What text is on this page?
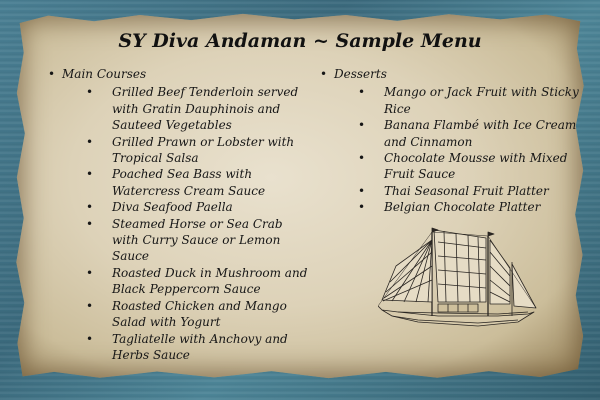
SY Diva Andaman ~ Sample Menu
• Main Courses
• Grilled Beef Tenderloin served with Gratin Dauphinois and Sauteed Vegetables
• Grilled Prawn or Lobster with Tropical Salsa
• Poached Sea Bass with Watercress Cream Sauce
• Diva Seafood Paella
• Steamed Horse or Sea Crab with Curry Sauce or Lemon Sauce
• Roasted Duck in Mushroom and Black Peppercorn Sauce
• Roasted Chicken and Mango Salad with Yogurt
• Tagliatelle with Anchovy and Herbs Sauce
• Desserts
• Mango or Jack Fruit with Sticky Rice
• Banana Flambé with Ice Cream and Cinnamon
• Chocolate Mousse with Mixed Fruit Sauce
• Thai Seasonal Fruit Platter
• Belgian Chocolate Platter
